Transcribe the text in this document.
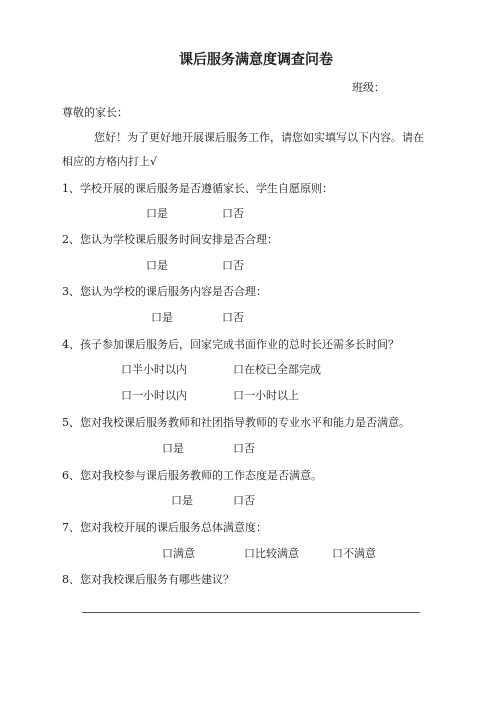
课后服务满意度调查问卷
班级：
尊敬的家长：
您好！为了更好地开展课后服务工作，请您如实填写以下内容。请在
相应的方格内打上√
1、学校开展的课后服务是否遵循家长、学生自愿原则：
口是	口否
2、您认为学校课后服务时间安排是否合理：
口是	口否
3、您认为学校的课后服务内容是否合理：
口是	口否
4、孩子参加课后服务后，回家完成书面作业的总时长还需多长时间？
口半小时以内	口在校已全部完成
口一小时以内	口一小时以上
5、您对我校课后服务教师和社团指导教师的专业水平和能力是否满意。
口是	口否
6、您对我校参与课后服务教师的工作态度是否满意。
口是	口否
7、您对我校开展的课后服务总体满意度：
口满意	口比较满意	口不满意
8、您对我校课后服务有哪些建议？
